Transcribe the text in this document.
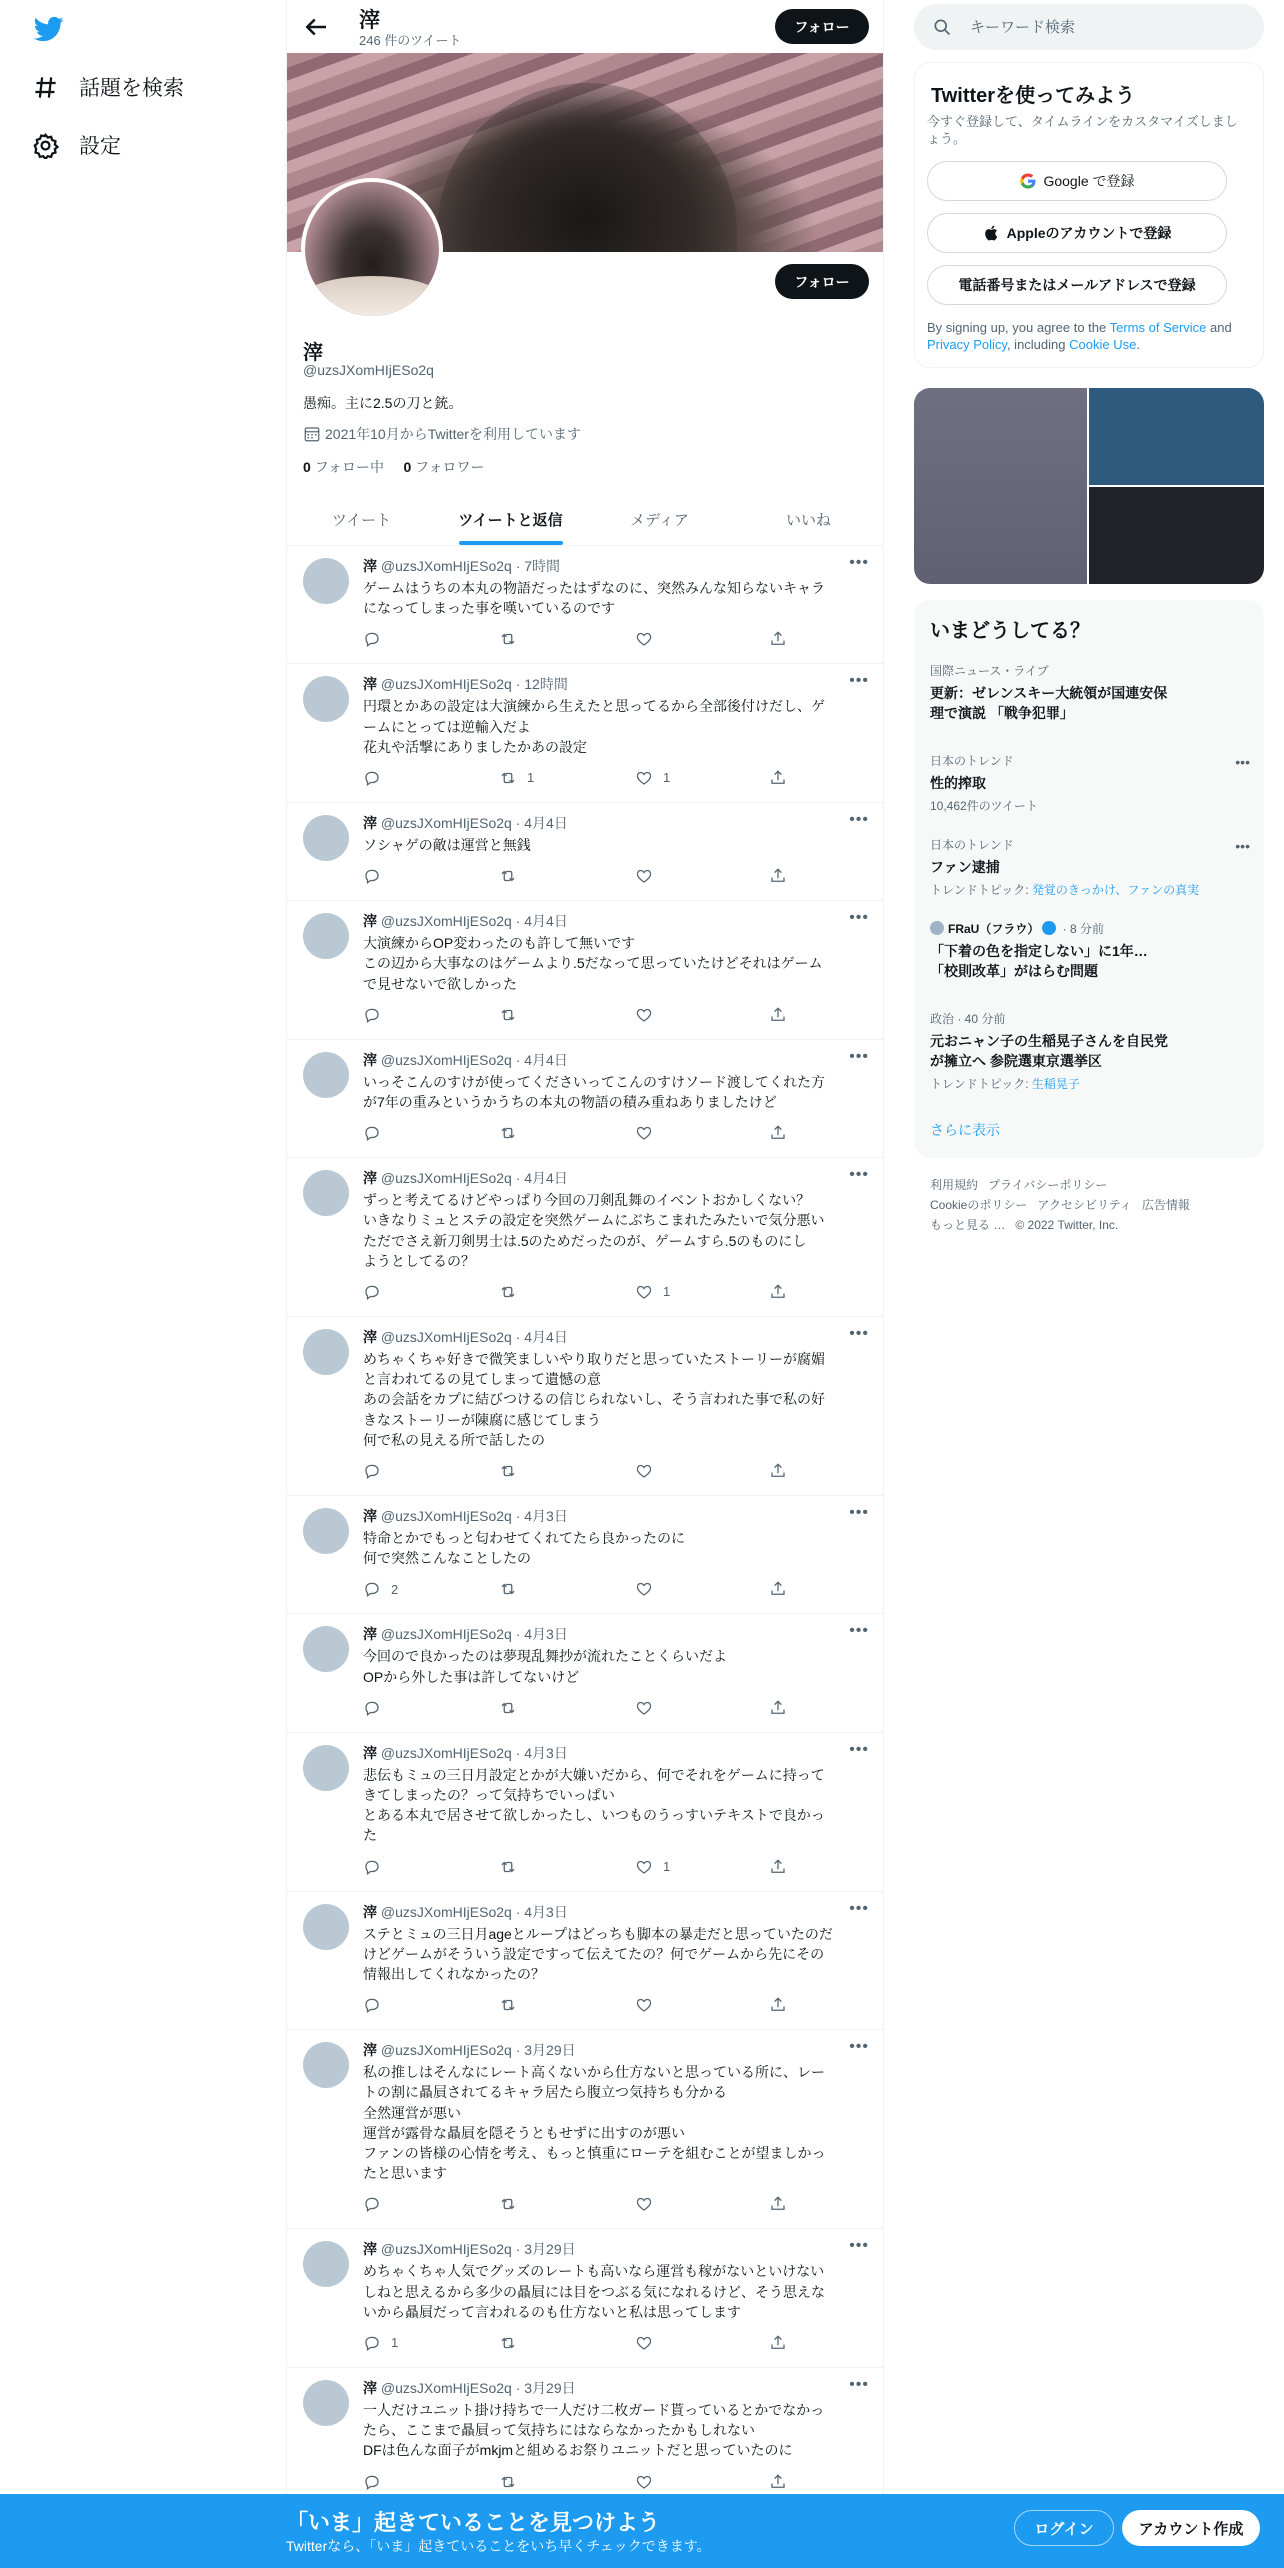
話題を検索
設定
滓
246 件のツイート
フォロー
フォロー
滓
@uzsJXomHIjESo2q
愚痴。主に2.5の刀と銃。
2021年10月からTwitterを利用しています
0 フォロー中 0 フォロワー
ツイート	ツイートと返信	メディア	いいね
滓 @uzsJXomHIjESo2q · 7時間	•••
ゲームはうちの本丸の物語だったはずなのに、突然みんな知らないキャラ
になってしまった事を嘆いているのです
滓 @uzsJXomHIjESo2q · 12時間	•••
円環とかあの設定は大演練から生えたと思ってるから全部後付けだし、ゲ
ームにとっては逆輸入だよ
花丸や活撃にありましたかあの設定
1	1
滓 @uzsJXomHIjESo2q · 4月4日	•••
ソシャゲの敵は運営と無銭
滓 @uzsJXomHIjESo2q · 4月4日	•••
大演練からOP変わったのも許して無いです
この辺から大事なのはゲームより.5だなって思っていたけどそれはゲーム
で見せないで欲しかった
滓 @uzsJXomHIjESo2q · 4月4日	•••
いっそこんのすけが使ってくださいってこんのすけソード渡してくれた方
が7年の重みというかうちの本丸の物語の積み重ねありましたけど
滓 @uzsJXomHIjESo2q · 4月4日	•••
ずっと考えてるけどやっぱり今回の刀剣乱舞のイベントおかしくない？
いきなりミュとステの設定を突然ゲームにぶちこまれたみたいで気分悪い
ただでさえ新刀剣男士は.5のためだったのが、ゲームすら.5のものにし
ようとしてるの？
1
滓 @uzsJXomHIjESo2q · 4月4日	•••
めちゃくちゃ好きで微笑ましいやり取りだと思っていたストーリーが腐媚
と言われてるの見てしまって遺憾の意
あの会話をカプに結びつけるの信じられないし、そう言われた事で私の好
きなストーリーが陳腐に感じてしまう
何で私の見える所で話したの
滓 @uzsJXomHIjESo2q · 4月3日	•••
特命とかでもっと匂わせてくれてたら良かったのに
何で突然こんなことしたの
2
滓 @uzsJXomHIjESo2q · 4月3日	•••
今回ので良かったのは夢現乱舞抄が流れたことくらいだよ
OPから外した事は許してないけど
滓 @uzsJXomHIjESo2q · 4月3日	•••
悲伝もミュの三日月設定とかが大嫌いだから、何でそれをゲームに持って
きてしまったの？って気持ちでいっぱい
とある本丸で居させて欲しかったし、いつものうっすいテキストで良かっ
た
1
滓 @uzsJXomHIjESo2q · 4月3日	•••
ステとミュの三日月ageとループはどっちも脚本の暴走だと思っていたのだ
けどゲームがそういう設定ですって伝えてたの？何でゲームから先にその
情報出してくれなかったの？
滓 @uzsJXomHIjESo2q · 3月29日	•••
私の推しはそんなにレート高くないから仕方ないと思っている所に、レー
トの割に贔屓されてるキャラ居たら腹立つ気持ちも分かる
全然運営が悪い
運営が露骨な贔屓を隠そうともせずに出すのが悪い
ファンの皆様の心情を考え、もっと慎重にローテを組むことが望ましかっ
たと思います
滓 @uzsJXomHIjESo2q · 3月29日	•••
めちゃくちゃ人気でグッズのレートも高いなら運営も稼がないといけない
しねと思えるから多少の贔屓には目をつぶる気になれるけど、そう思えな
いから贔屓だって言われるのも仕方ないと私は思ってします
1
滓 @uzsJXomHIjESo2q · 3月29日	•••
一人だけユニット掛け持ちで一人だけ二枚ガード貰っているとかでなかっ
たら、ここまで贔屓って気持ちにはならなかったかもしれない
DFは色んな面子がmkjmと組めるお祭りユニットだと思っていたのに
キーワード検索
Twitterを使ってみよう
今すぐ登録して、タイムラインをカスタマイズしましょう。
Google で登録
Appleのアカウントで登録
電話番号またはメールアドレスで登録
By signing up, you agree to the Terms of Service and Privacy Policy, including Cookie Use.
いまどうしてる？
国際ニュース・ライブ
更新：ゼレンスキー大統領が国連安保理で演説 「戦争犯罪」
日本のトレンド
性的搾取
10,462件のツイート
•••
日本のトレンド
ファン逮捕
トレンドトピック: 発覚のきっかけ、ファンの真実
•••
FRaU（フラウ） · 8 分前
「下着の色を指定しない」に1年…「校則改革」がはらむ問題
政治 · 40 分前
元おニャン子の生稲晃子さんを自民党が擁立へ 参院選東京選挙区
トレンドトピック: 生稲晃子
さらに表示
利用規約 プライバシーポリシー
Cookieのポリシー アクセシビリティ 広告情報
もっと見る … © 2022 Twitter, Inc.
「いま」起きていることを見つけよう
Twitterなら、「いま」起きていることをいち早くチェックできます。
ログイン	アカウント作成
